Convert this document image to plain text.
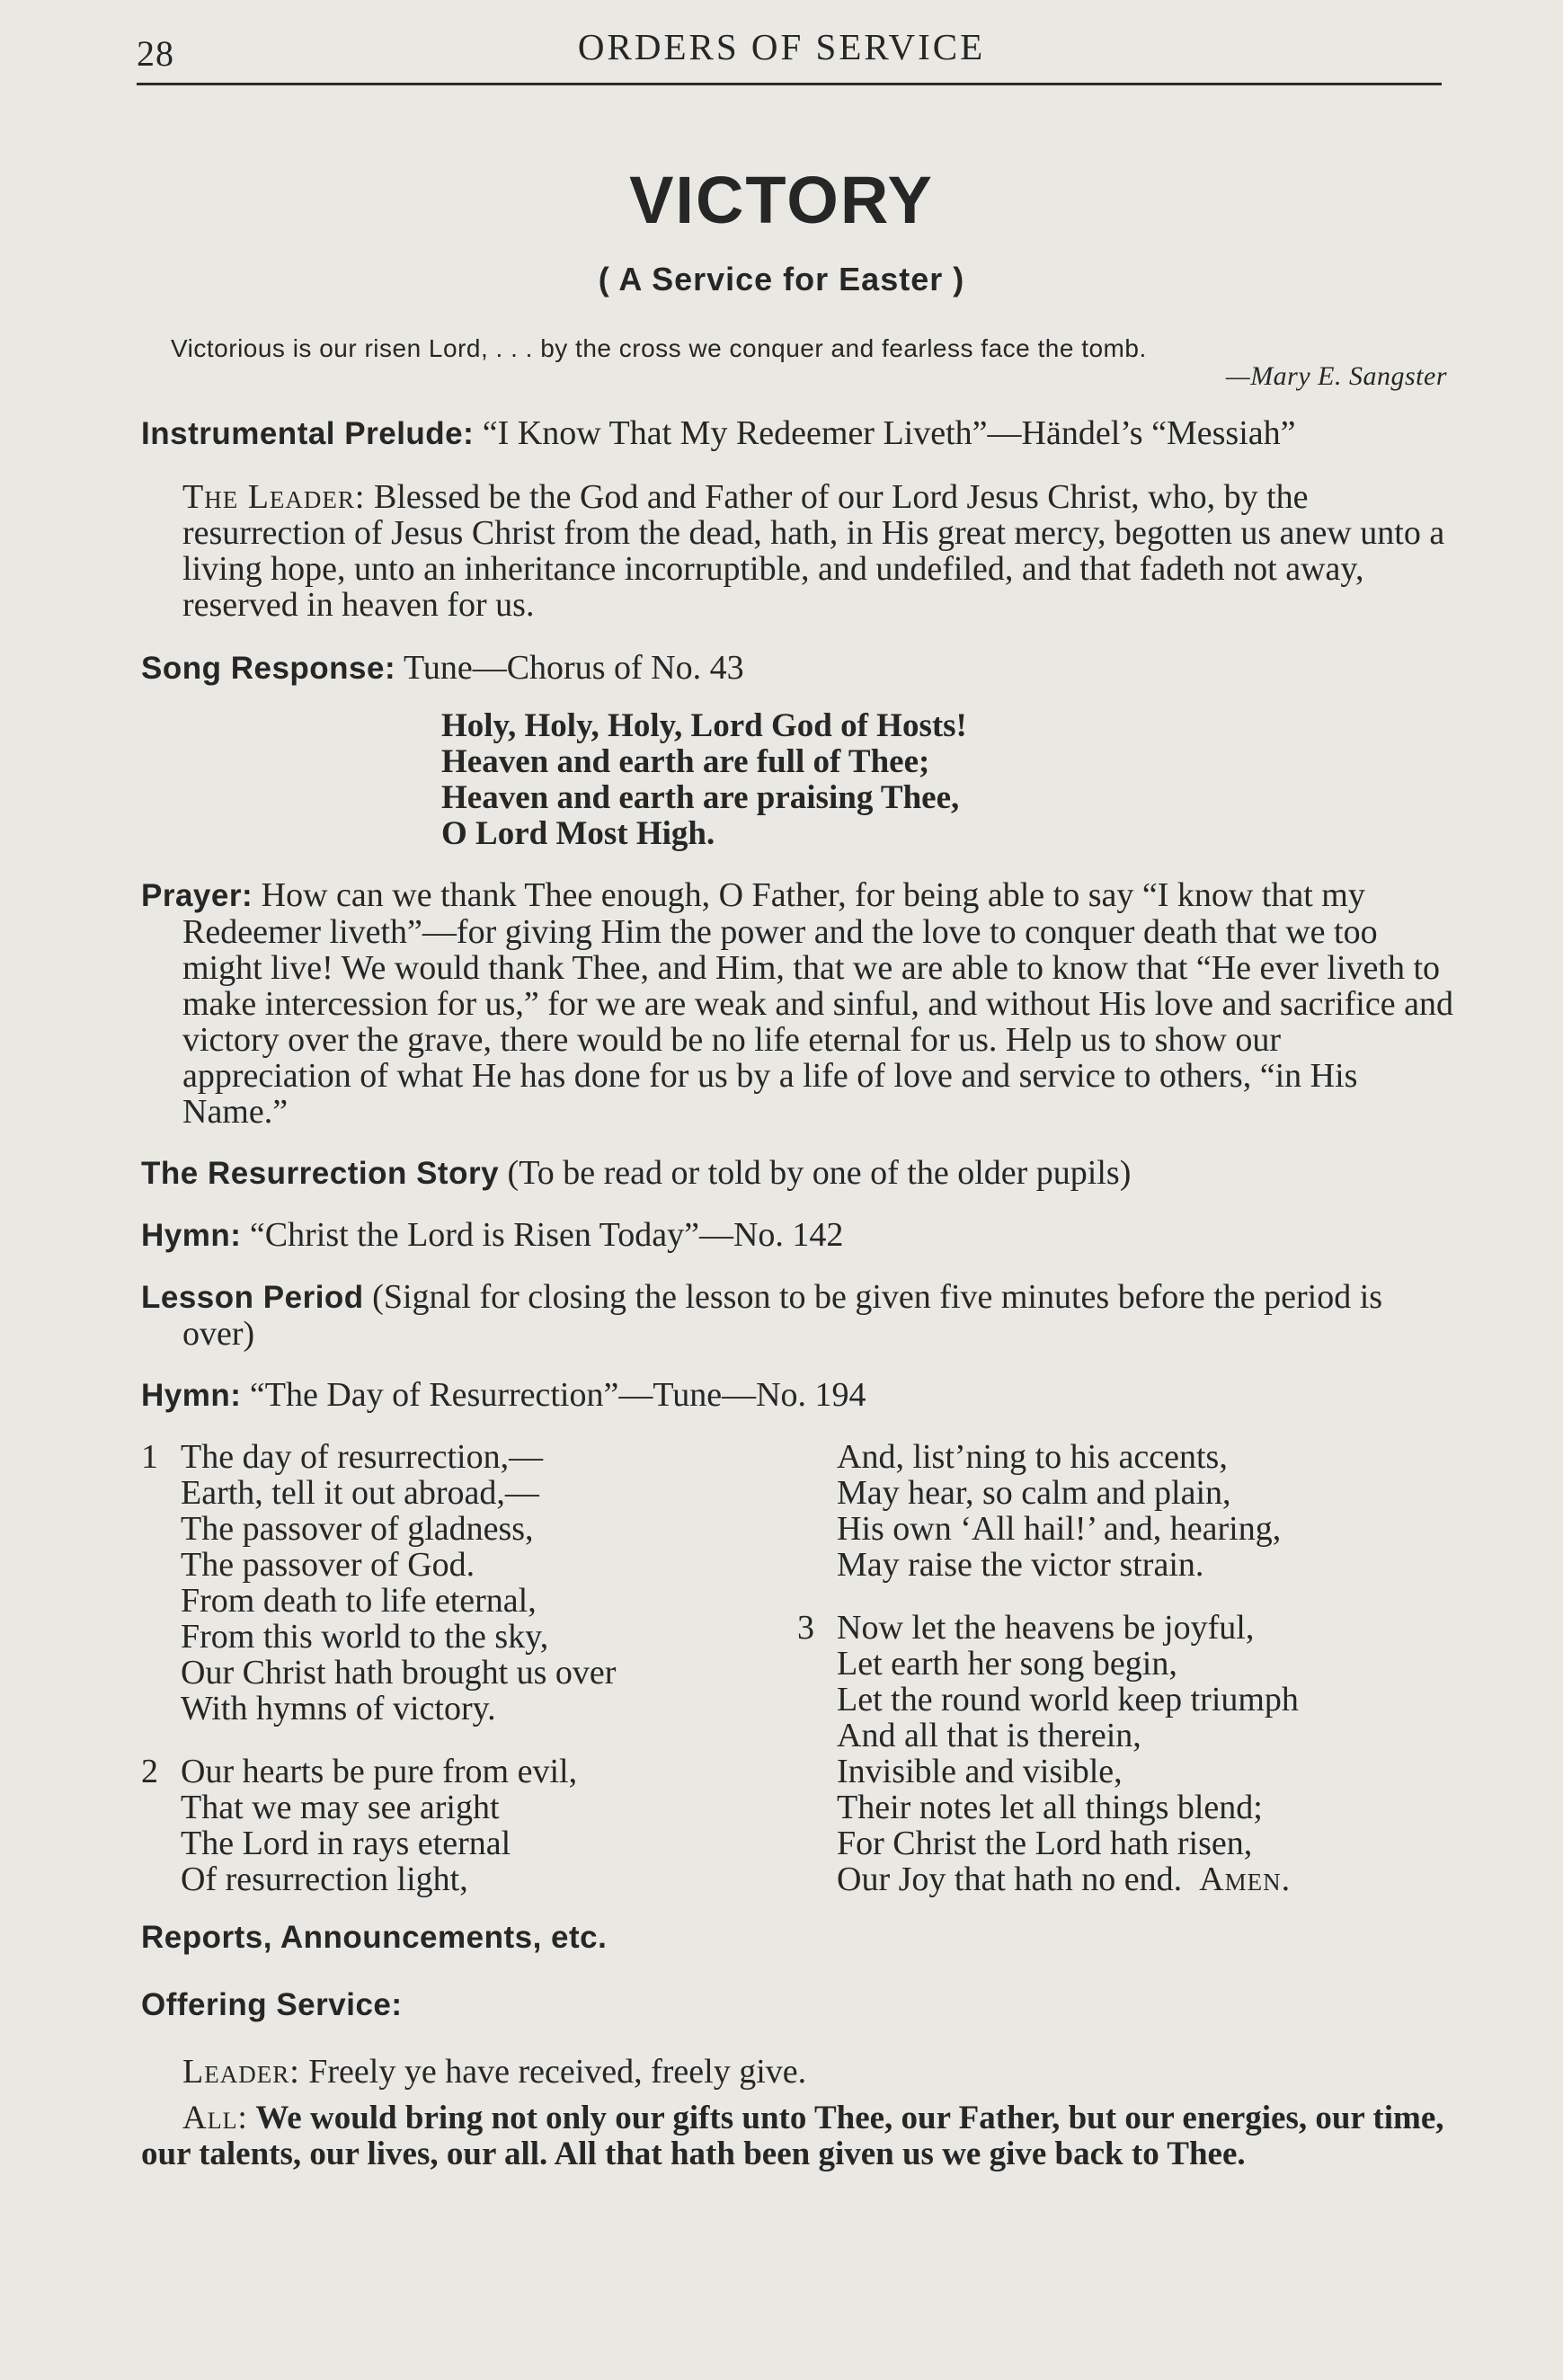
28	ORDERS OF SERVICE
VICTORY
( A Service for Easter )
Victorious is our risen Lord, . . . by the cross we conquer and fearless face the tomb.
—Mary E. Sangster

Instrumental Prelude: “I Know That My Redeemer Liveth”—Händel’s “Messiah”

The Leader: Blessed be the God and Father of our Lord Jesus Christ, who, by the resurrection of Jesus Christ from the dead, hath, in His great mercy, begotten us anew unto a living hope, unto an inheritance incorruptible, and undefiled, and that fadeth not away, reserved in heaven for us.

Song Response: Tune—Chorus of No. 43

Holy, Holy, Holy, Lord God of Hosts!
Heaven and earth are full of Thee;
Heaven and earth are praising Thee,
O Lord Most High.

Prayer: How can we thank Thee enough, O Father, for being able to say “I know that my Redeemer liveth”—for giving Him the power and the love to conquer death that we too might live! We would thank Thee, and Him, that we are able to know that “He ever liveth to make intercession for us,” for we are weak and sinful, and without His love and sacrifice and victory over the grave, there would be no life eternal for us. Help us to show our appreciation of what He has done for us by a life of love and service to others, “in His Name.”

The Resurrection Story (To be read or told by one of the older pupils)

Hymn: “Christ the Lord is Risen Today”—No. 142

Lesson Period (Signal for closing the lesson to be given five minutes before the period is over)

Hymn: “The Day of Resurrection”—Tune—No. 194

1 The day of resurrection,—
Earth, tell it out abroad,—
The passover of gladness,
The passover of God.
From death to life eternal,
From this world to the sky,
Our Christ hath brought us over
With hymns of victory.
2 Our hearts be pure from evil,
That we may see aright
The Lord in rays eternal
Of resurrection light,
And, list’ning to his accents,
May hear, so calm and plain,
His own ‘All hail!’ and, hearing,
May raise the victor strain.
3 Now let the heavens be joyful,
Let earth her song begin,
Let the round world keep triumph
And all that is therein,
Invisible and visible,
Their notes let all things blend;
For Christ the Lord hath risen,
Our Joy that hath no end. Amen.

Reports, Announcements, etc.

Offering Service:

Leader: Freely ye have received, freely give.

All: We would bring not only our gifts unto Thee, our Father, but our energies, our time, our talents, our lives, our all. All that hath been given us we give back to Thee.
